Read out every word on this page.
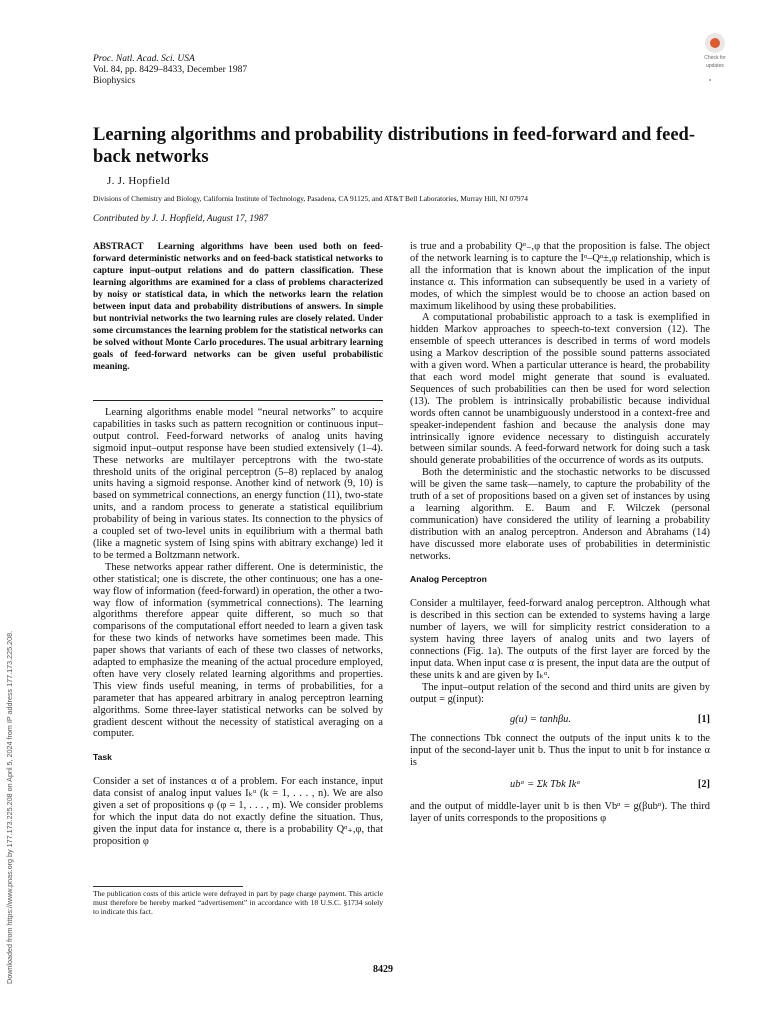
Proc. Natl. Acad. Sci. USA
Vol. 84, pp. 8429–8433, December 1987
Biophysics
Check for
updates
Learning algorithms and probability distributions in feed-forward and feed-back networks
J. J. Hopfield
Divisions of Chemistry and Biology, California Institute of Technology, Pasadena, CA 91125, and AT&T Bell Laboratories, Murray Hill, NJ 07974
Contributed by J. J. Hopfield, August 17, 1987
ABSTRACT Learning algorithms have been used both on feed-forward deterministic networks and on feed-back statistical networks to capture input–output relations and do pattern classification. These learning algorithms are examined for a class of problems characterized by noisy or statistical data, in which the networks learn the relation between input data and probability distributions of answers. In simple but nontrivial networks the two learning rules are closely related. Under some circumstances the learning problem for the statistical networks can be solved without Monte Carlo procedures. The usual arbitrary learning goals of feed-forward networks can be given useful probabilistic meaning.

Learning algorithms enable model “neural networks” to acquire capabilities in tasks such as pattern recognition or continuous input–output control. Feed-forward networks of analog units having sigmoid input–output response have been studied extensively (1–4). These networks are multilayer perceptrons with the two-state threshold units of the original perceptron (5–8) replaced by analog units having a sigmoid response. Another kind of network (9, 10) is based on symmetrical connections, an energy function (11), two-state units, and a random process to generate a statistical equilibrium probability of being in various states. Its connection to the physics of a coupled set of two-level units in equilibrium with a thermal bath (like a magnetic system of Ising spins with abitrary exchange) led it to be termed a Boltzmann network.

These networks appear rather different. One is deterministic, the other statistical; one is discrete, the other continuous; one has a one-way flow of information (feed-forward) in operation, the other a two-way flow of information (symmetrical connections). The learning algorithms therefore appear quite different, so much so that comparisons of the computational effort needed to learn a given task for these two kinds of networks have sometimes been made. This paper shows that variants of each of these two classes of networks, adapted to emphasize the meaning of the actual procedure employed, often have very closely related learning algorithms and properties. This view finds useful meaning, in terms of probabilities, for a parameter that has appeared arbitrary in analog perceptron learning algorithms. Some three-layer statistical networks can be solved by gradient descent without the necessity of statistical averaging on a computer.

Task

Consider a set of instances α of a problem. For each instance, input data consist of analog input values Iₖᵅ (k = 1, . . . , n). We are also given a set of propositions φ (φ = 1, . . . , m). We consider problems for which the input data do not exactly define the situation. Thus, given the input data for instance α, there is a probability Qᵅ₊,φ, that proposition φ

is true and a probability Qᵅ₋,φ that the proposition is false. The object of the network learning is to capture the Iᵅ–Qᵅ±,φ relationship, which is all the information that is known about the implication of the input instance α. This information can subsequently be used in a variety of modes, of which the simplest would be to choose an action based on maximum likelihood by using these probabilities.

A computational probabilistic approach to a task is exemplified in hidden Markov approaches to speech-to-text conversion (12). The ensemble of speech utterances is described in terms of word models using a Markov description of the possible sound patterns associated with a given word. When a particular utterance is heard, the probability that each word model might generate that sound is evaluated. Sequences of such probabilities can then be used for word selection (13). The problem is intrinsically probabilistic because individual words often cannot be unambiguously understood in a context-free and speaker-independent fashion and because the analysis done may intrinsically ignore evidence necessary to distinguish accurately between similar sounds. A feed-forward network for doing such a task should generate probabilities of the occurrence of words as its outputs.

Both the deterministic and the stochastic networks to be discussed will be given the same task—namely, to capture the probability of the truth of a set of propositions based on a given set of instances by using a learning algorithm. E. Baum and F. Wilczek (personal communication) have considered the utility of learning a probability distribution with an analog perceptron. Anderson and Abrahams (14) have discussed more elaborate uses of probabilities in deterministic networks.

Analog Perceptron

Consider a multilayer, feed-forward analog perceptron. Although what is described in this section can be extended to systems having a large number of layers, we will for simplicity restrict consideration to a system having three layers of analog units and two layers of connections (Fig. 1a). The outputs of the first layer are forced by the input data. When input case α is present, the input data are the output of these units k and are given by Iₖᵅ.

The input–output relation of the second and third units are given by output = g(input):

g(u) = tanhβu.	[1]

The connections Tbk connect the outputs of the input units k to the input of the second-layer unit b. Thus the input to unit b for instance α is

ubᵅ = Σk Tbk Ikᵅ	[2]

and the output of middle-layer unit b is then Vbᵅ = g(βubᵅ). The third layer of units corresponds to the propositions φ

The publication costs of this article were defrayed in part by page charge payment. This article must therefore be hereby marked “advertisement” in accordance with 18 U.S.C. §1734 solely to indicate this fact.
Downloaded from https://www.pnas.org by 177.173.225.208 on April 5, 2024 from IP address 177.173.225.208.	8429
